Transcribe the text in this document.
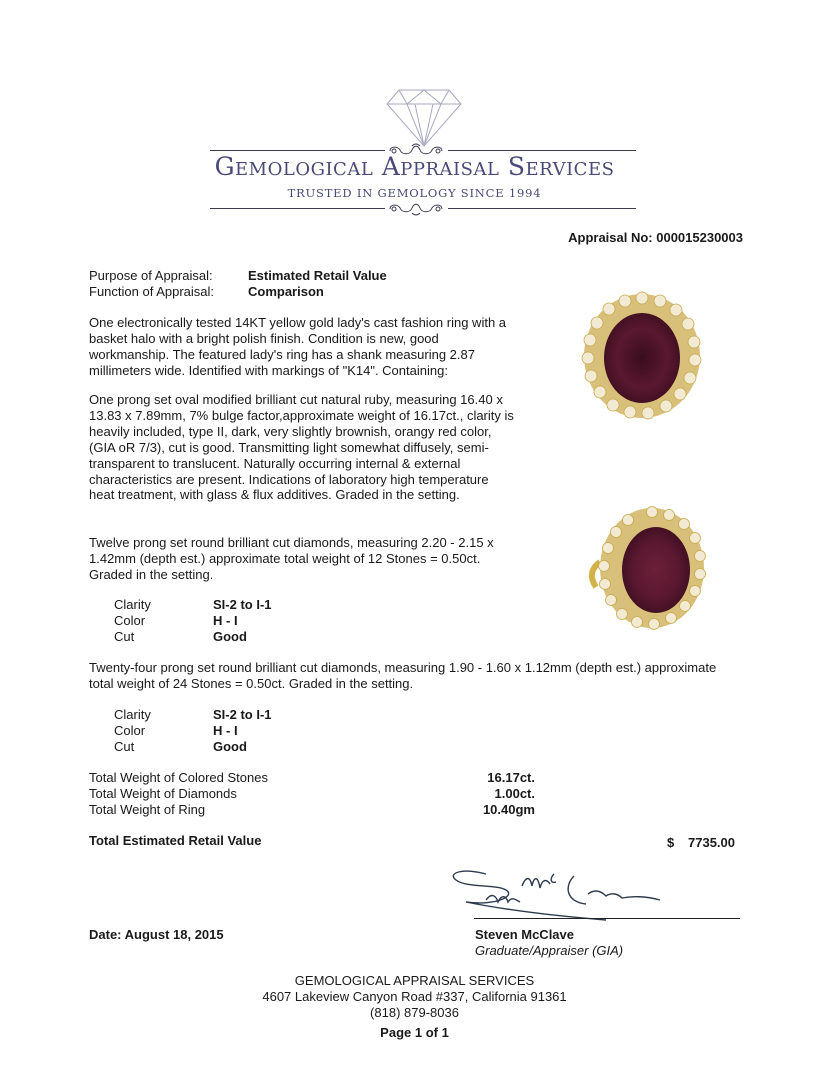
Gemological Appraisal Services
TRUSTED IN GEMOLOGY SINCE 1994
Appraisal No: 000015230003
Purpose of Appraisal:	Estimated Retail Value
Function of Appraisal:	Comparison
One electronically tested 14KT yellow gold lady's cast fashion ring with a basket halo with a bright polish finish. Condition is new, good workmanship. The featured lady's ring has a shank measuring 2.87 millimeters wide. Identified with markings of "K14". Containing:
One prong set oval modified brilliant cut natural ruby, measuring 16.40 x 13.83 x 7.89mm, 7% bulge factor,approximate weight of 16.17ct., clarity is heavily included, type II, dark, very slightly brownish, orangy red color, (GIA oR 7/3), cut is good. Transmitting light somewhat diffusely, semi-transparent to translucent. Naturally occurring internal & external characteristics are present. Indications of laboratory high temperature heat treatment, with glass & flux additives. Graded in the setting.
Twelve prong set round brilliant cut diamonds, measuring 2.20 - 2.15 x 1.42mm (depth est.) approximate total weight of 12 Stones = 0.50ct. Graded in the setting.
Clarity	SI-2 to I-1
Color	H - I
Cut	Good
Twenty-four prong set round brilliant cut diamonds, measuring 1.90 - 1.60 x 1.12mm (depth est.) approximate total weight of 24 Stones = 0.50ct. Graded in the setting.
Clarity	SI-2 to I-1
Color	H - I
Cut	Good
Total Weight of Colored Stones	16.17ct.
Total Weight of Diamonds	1.00ct.
Total Weight of Ring	10.40gm
Total Estimated Retail Value	$ 7735.00
Date: August 18, 2015	Steven McClave
Graduate/Appraiser (GIA)
GEMOLOGICAL APPRAISAL SERVICES
4607 Lakeview Canyon Road #337, California 91361
(818) 879-8036
Page 1 of 1
